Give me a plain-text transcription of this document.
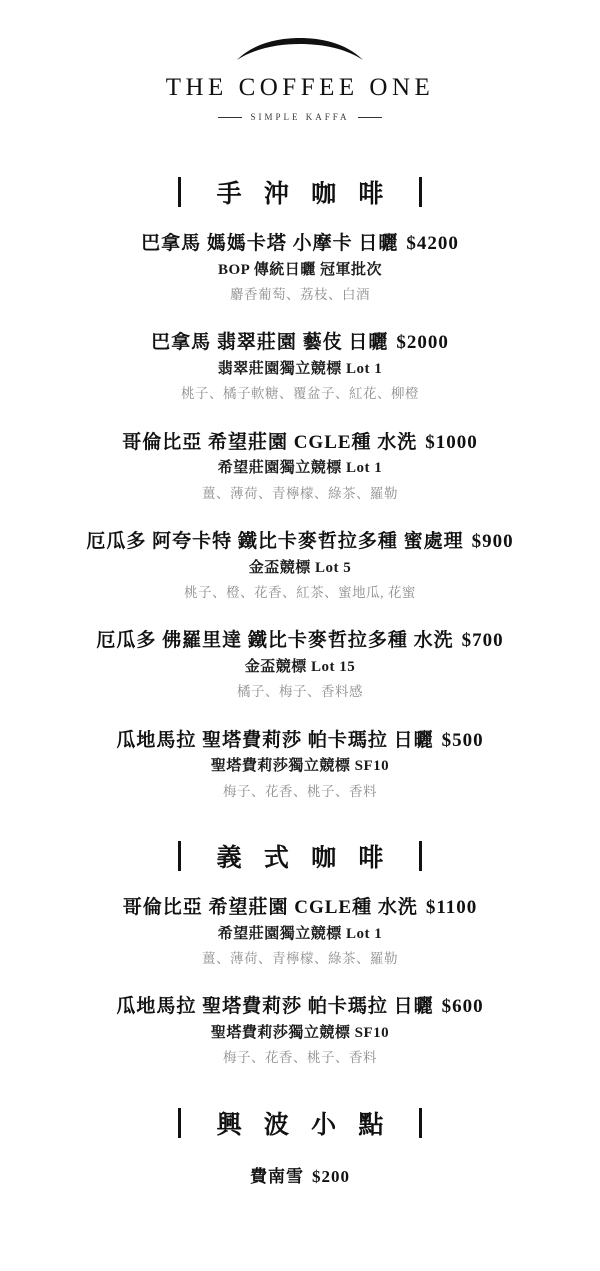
THE COFFEE ONE
SIMPLE KAFFA
手 沖 咖 啡
巴拿馬 媽媽卡塔 小摩卡 日曬 $4200
BOP 傳統日曬 冠軍批次
麝香葡萄、荔枝、白酒
巴拿馬 翡翠莊園 藝伎 日曬 $2000
翡翠莊園獨立競標 Lot 1
桃子、橘子軟糖、覆盆子、紅花、柳橙
哥倫比亞 希望莊園 CGLE種 水洗 $1000
希望莊園獨立競標 Lot 1
薑、薄荷、青檸檬、綠茶、羅勒
厄瓜多 阿夸卡特 鐵比卡麥哲拉多種 蜜處理 $900
金盃競標 Lot 5
桃子、橙、花香、紅茶、蜜地瓜, 花蜜
厄瓜多 佛羅里達 鐵比卡麥哲拉多種 水洗 $700
金盃競標 Lot 15
橘子、梅子、香料感
瓜地馬拉 聖塔費莉莎 帕卡瑪拉 日曬 $500
聖塔費莉莎獨立競標 SF10
梅子、花香、桃子、香料
義 式 咖 啡
哥倫比亞 希望莊園 CGLE種 水洗 $1100
希望莊園獨立競標 Lot 1
薑、薄荷、青檸檬、綠茶、羅勒
瓜地馬拉 聖塔費莉莎 帕卡瑪拉 日曬 $600
聖塔費莉莎獨立競標 SF10
梅子、花香、桃子、香料
興 波 小 點
費南雪 $200
